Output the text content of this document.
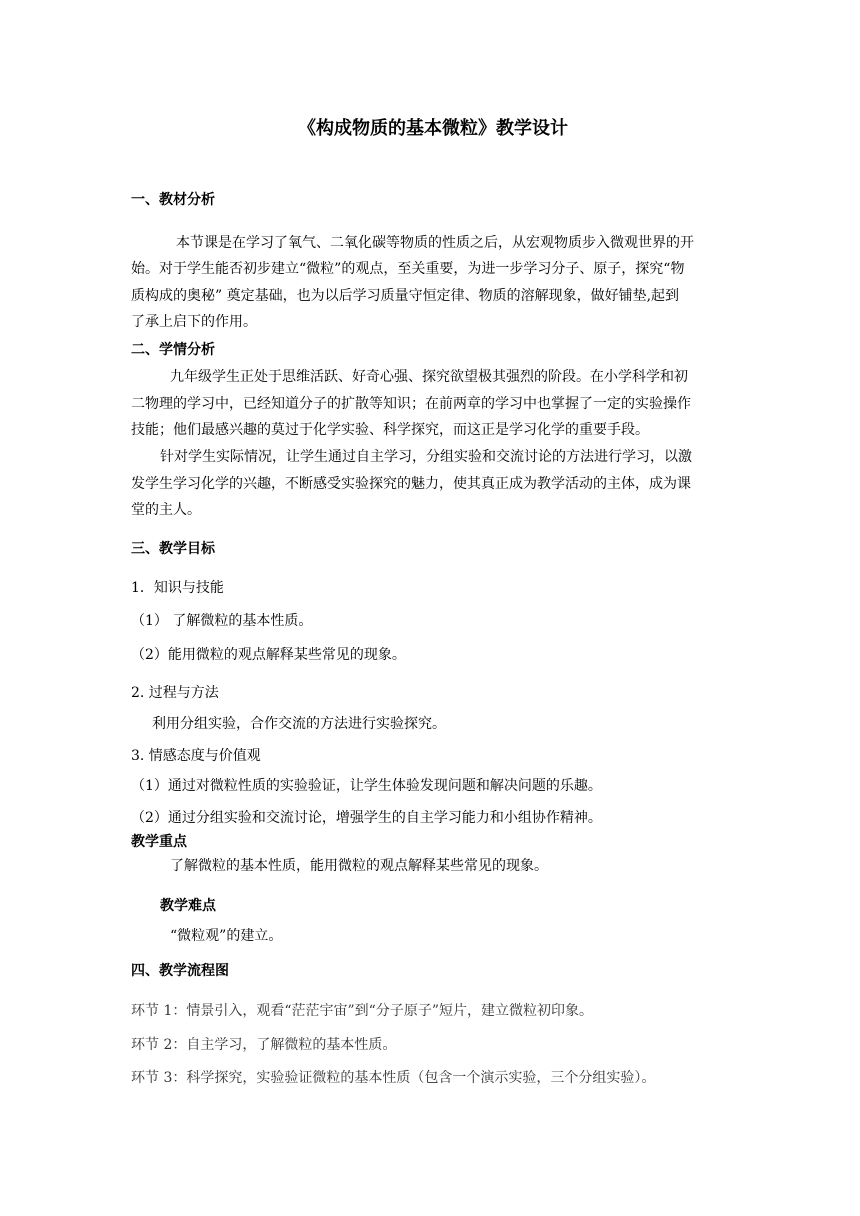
《构成物质的基本微粒》教学设计
一、教材分析
本节课是在学习了氧气、二氧化碳等物质的性质之后，从宏观物质步入微观世界的开
始。对于学生能否初步建立“微粒”的观点，至关重要，为进一步学习分子、原子，探究“物
质构成的奥秘” 奠定基础，也为以后学习质量守恒定律、物质的溶解现象，做好铺垫,起到
了承上启下的作用。
二、学情分析
九年级学生正处于思维活跃、好奇心强、探究欲望极其强烈的阶段。在小学科学和初
二物理的学习中，已经知道分子的扩散等知识；在前两章的学习中也掌握了一定的实验操作
技能；他们最感兴趣的莫过于化学实验、科学探究，而这正是学习化学的重要手段。
针对学生实际情况，让学生通过自主学习，分组实验和交流讨论的方法进行学习，以激
发学生学习化学的兴趣，不断感受实验探究的魅力，使其真正成为教学活动的主体，成为课
堂的主人。
三、教学目标
1．知识与技能
（1） 了解微粒的基本性质。
（2）能用微粒的观点解释某些常见的现象。
2. 过程与方法
利用分组实验，合作交流的方法进行实验探究。
3. 情感态度与价值观
（1）通过对微粒性质的实验验证，让学生体验发现问题和解决问题的乐趣。
（2）通过分组实验和交流讨论，增强学生的自主学习能力和小组协作精神。
教学重点
了解微粒的基本性质，能用微粒的观点解释某些常见的现象。
教学难点
“微粒观”的建立。
四、教学流程图
环节 1：情景引入，观看“茫茫宇宙”到“分子原子”短片，建立微粒初印象。
环节 2：自主学习，了解微粒的基本性质。
环节 3：科学探究，实验验证微粒的基本性质（包含一个演示实验，三个分组实验）。
